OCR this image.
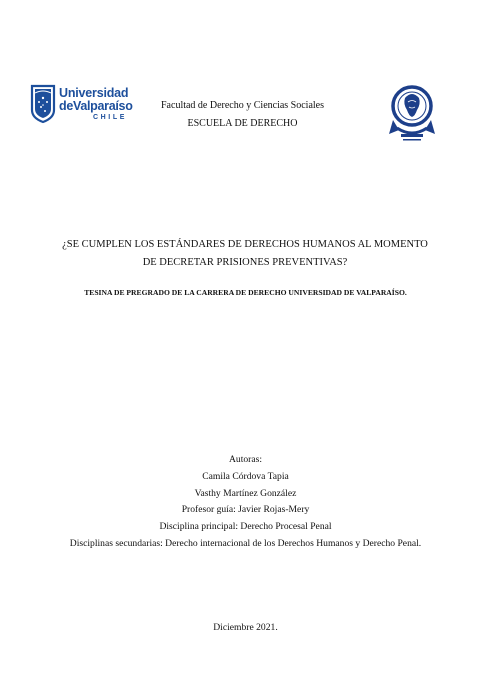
Universidad
deValparaíso
CHILE
Facultad de Derecho y Ciencias Sociales
ESCUELA DE DERECHO
¿SE CUMPLEN LOS ESTÁNDARES DE DERECHOS HUMANOS AL MOMENTO
DE DECRETAR PRISIONES PREVENTIVAS?
TESINA DE PREGRADO DE LA CARRERA DE DERECHO UNIVERSIDAD DE VALPARAÍSO.
Autoras:
Camila Córdova Tapia
Vasthy Martínez González
Profesor guía: Javier Rojas-Mery
Disciplina principal: Derecho Procesal Penal
Disciplinas secundarias: Derecho internacional de los Derechos Humanos y Derecho Penal.
Diciembre 2021.
